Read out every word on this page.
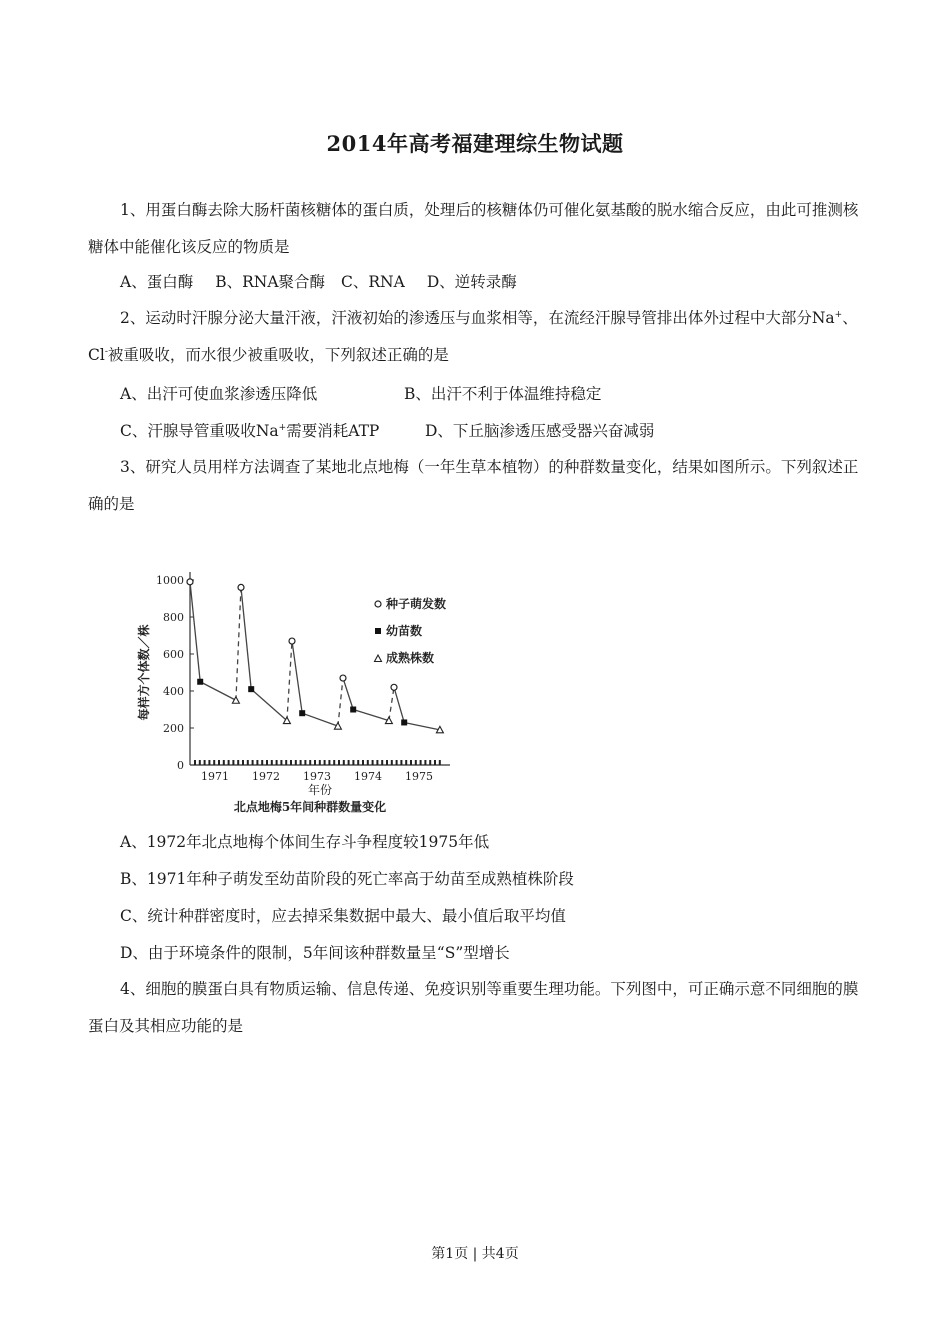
2014年高考福建理综生物试题

1、用蛋白酶去除大肠杆菌核糖体的蛋白质，处理后的核糖体仍可催化氨基酸的脱水缩合反应，由此可推测核糖体中能催化该反应的物质是

A、蛋白酶 B、RNA聚合酶 C、RNA D、逆转录酶

2、运动时汗腺分泌大量汗液，汗液初始的渗透压与血浆相等，在流经汗腺导管排出体外过程中大部分Na+、Cl-被重吸收，而水很少被重吸收，下列叙述正确的是

A、出汗可使血浆渗透压降低	B、出汗不利于体温维持稳定
C、汗腺导管重吸收Na+需要消耗ATP	D、下丘脑渗透压感受器兴奋减弱

3、研究人员用样方法调查了某地北点地梅（一年生草本植物）的种群数量变化，结果如图所示。下列叙述正确的是

0
200
400
600
800
1000
1971 1972 1973 1974 1975
年份
北点地梅5年间种群数量变化
每样方个体数／株
种子萌发数
幼苗数
成熟株数
A、1972年北点地梅个体间生存斗争程度较1975年低
B、1971年种子萌发至幼苗阶段的死亡率高于幼苗至成熟植株阶段
C、统计种群密度时，应去掉采集数据中最大、最小值后取平均值
D、由于环境条件的限制，5年间该种群数量呈“S”型增长

4、细胞的膜蛋白具有物质运输、信息传递、免疫识别等重要生理功能。下列图中，可正确示意不同细胞的膜蛋白及其相应功能的是

第1页 | 共4页
